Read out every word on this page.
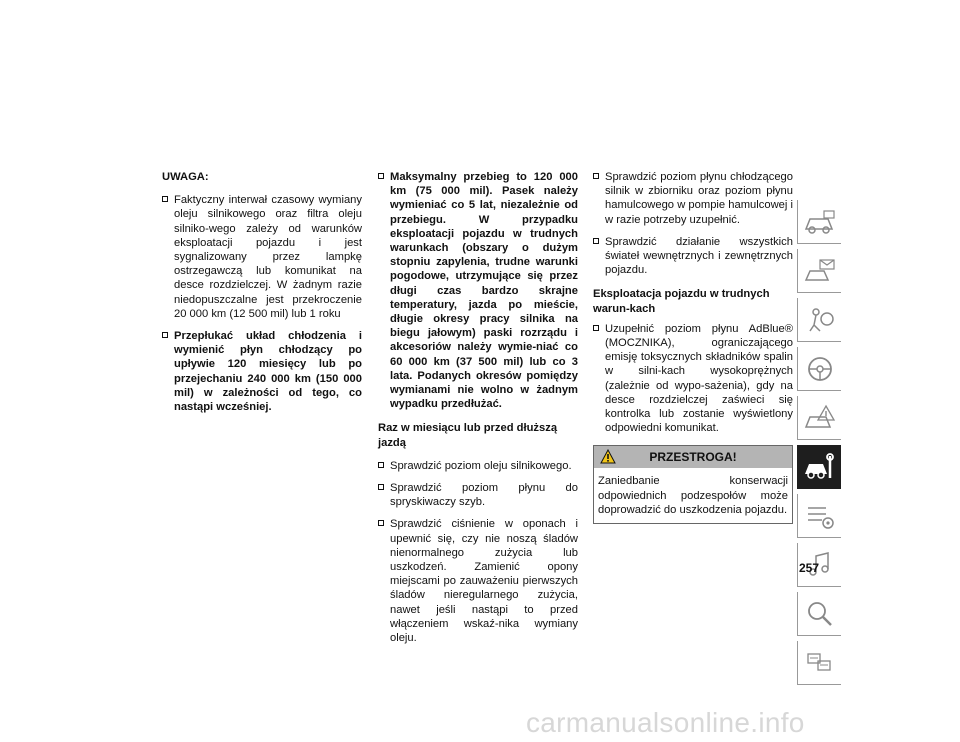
UWAGA:
Faktyczny interwał czasowy wymiany oleju silnikowego oraz filtra oleju silniko-wego zależy od warunków eksploatacji pojazdu i jest sygnalizowany przez lampkę ostrzegawczą lub komunikat na desce rozdzielczej. W żadnym razie niedopuszczalne jest przekroczenie 20 000 km (12 500 mil) lub 1 roku
Przepłukać układ chłodzenia i wymienić płyn chłodzący po upływie 120 miesięcy lub po przejechaniu 240 000 km (150 000 mil) w zależności od tego, co nastąpi wcześniej.
Maksymalny przebieg to 120 000 km (75 000 mil). Pasek należy wymieniać co 5 lat, niezależnie od przebiegu. W przypadku eksploatacji pojazdu w trudnych warunkach (obszary o dużym stopniu zapylenia, trudne warunki pogodowe, utrzymujące się przez długi czas bardzo skrajne temperatury, jazda po mieście, długie okresy pracy silnika na biegu jałowym) paski rozrządu i akcesoriów należy wymie-niać co 60 000 km (37 500 mil) lub co 3 lata. Podanych okresów pomiędzy wymianami nie wolno w żadnym wypadku przedłużać.
Raz w miesiącu lub przed dłuższą jazdą
Sprawdzić poziom oleju silnikowego.
Sprawdzić poziom płynu do spryskiwaczy szyb.
Sprawdzić ciśnienie w oponach i upewnić się, czy nie noszą śladów nienormalnego zużycia lub uszkodzeń. Zamienić opony miejscami po zauważeniu pierwszych śladów nieregularnego zużycia, nawet jeśli nastąpi to przed włączeniem wskaź-nika wymiany oleju.
Sprawdzić poziom płynu chłodzącego silnik w zbiorniku oraz poziom płynu hamulcowego w pompie hamulcowej i w razie potrzeby uzupełnić.
Sprawdzić działanie wszystkich świateł wewnętrznych i zewnętrznych pojazdu.
Eksploatacja pojazdu w trudnych warun-kach
Uzupełnić poziom płynu AdBlue® (MOCZNIKA), ograniczającego emisję toksycznych składników spalin w silni-kach wysokoprężnych (zależnie od wypo-sażenia), gdy na desce rozdzielczej zaświeci się kontrolka lub zostanie wyświetlony odpowiedni komunikat.
PRZESTROGA!
Zaniedbanie konserwacji odpowiednich podzespołów może doprowadzić do uszkodzenia pojazdu.
257
carmanualsonline.info
